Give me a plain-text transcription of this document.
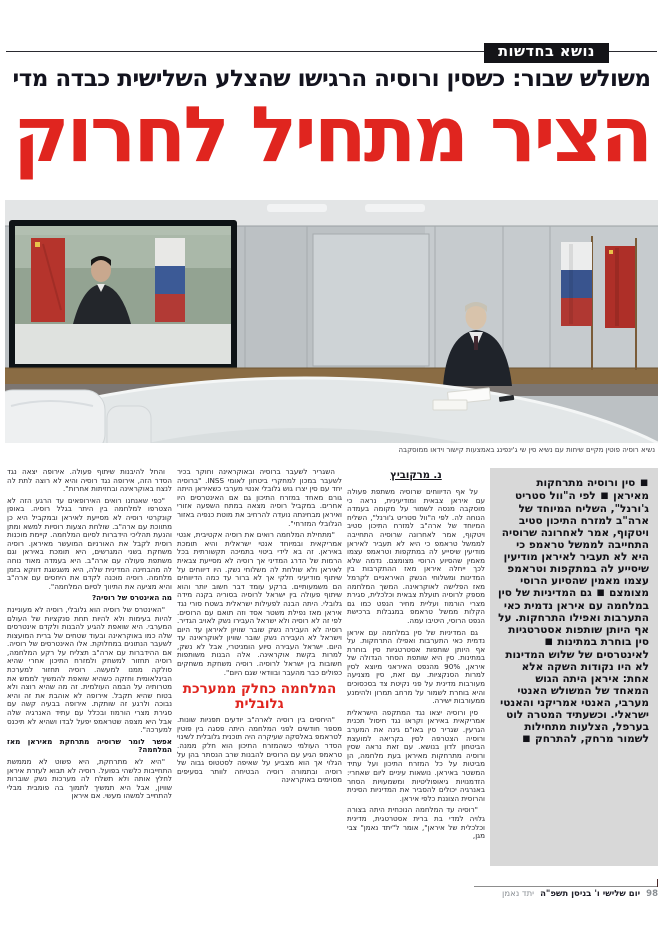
נושא בחדשות
משולש שבור: כשסין ורוסיה הרגישו שהצלע השלישית כבדה מדי
הציר מתחיל לחרוק
נשיא רוסיה פוטין מקיים שיחות עם נשיא סין שי ג'ינפינג באמצעות קישור וידאו ממוסקבה
■ סין ורוסיה מתרחקות מאיראן ■ לפי ה"וול סטריט ג'ורנל", השליח המיוחד של ארה"ב למזרח התיכון סטיב ויטקוף, אמר לאחרונה שרוסיה התחייבה לממשל טראמפ כי היא לא תעביר לאיראן מודיעין שיסייע לה במתקפות וטראמפ עצמו מאמין שהסיוע הרוסי מצומצם ■ גם המדיניות של סין במלחמה עם איראן נדמית כאי התערבות ואפילו התרחקות. על אף היותן שותפות אסטרטגיות סין בוחרת במתינות ■ לאינטרסים של שלוש המדינות לא היו נקודות השקה אלא אחת: איראן היתה הגוש המאחד של המשולש האנטי מערבי, האנטי אמריקני והאנטי ישראלי. וכשעתיד המטרה לוט בערפל, הצלעות מתחילות לשמור מרחק, להתרחק ■
נ. מרקוביץ

על אף הדיווחים שרוסיה משתפת פעולה עם איראן צבאית ומודיעינית, נראה כי מוסקבה מנסה לשמור על מקומה בעמדה הנוחה לה. לפי ה"וול סטריט ג'ורנל", השליח המיוחד של ארה"ב למזרח התיכון סטיב ויטקוף, אמר לאחרונה שרוסיה התחייבה לממשל טראמפ כי היא לא תעביר לאיראן מודיעין שיסייע לה במתקפות וטראמפ עצמו מאמין שהסיוע הרוסי מצומצם. נדמה שלא לכך ייחלה איראן מאז ההתקרבות בין המדינות ומשלוחי הנשק האיראניים לקרמל מאז הפלישה לאוקראינה. המשך המלחמה מספק לרוסיה תועלת צבאית וכלכלית, סגירת מצרי הורמוז ועליית מחיר הנפט כמו גם הקלות ממשל טראמפ במגבלות ברכישת הנפט הרוסי, היטיבו עמה.

גם המדיניות של סין במלחמה עם איראן נדמית כאי התערבות ואפילו התרחקות. על אף היותן שותפות אסטרטגיות סין בוחרת במתינות. סין היא שותפת הסחר הגדולה של איראן, 90% מהנפט האיראני מיוצא לסין למרות הסנקציות. עם זאת, סין מצניעה מעורבות מדינית על פני נקיטת צד בסכסוכים והיא בוחרת לשמור על מרחב תמרון ולהימנע ממעורבות ישירה.

סין ורוסיה יצאו נגד המתקפה הישראלית אמריקאית באיראן וקראו נגד חיסול תכנית הגרעין. שגריר סין באו"ם גינה את המערב ורוסיה הצטרפה לסין בקריאה למועצת הביטחון לדון בנושא. עם זאת נראה שסין ורוסיה מתרחקות מאיראן בעת מלחמה, הן מביטות על כל המזרח התיכון ועל עתיד המשטר באיראן. נושאות עיניים ליום שאחרי: הזדמנויות גיאופוליטיות ומשמעויות הסחר באנרגיה יכולים להסביר את המדיניות הסינית והרוסית הצוננת כלפי איראן.

"רוסיה עד המלחמה הנוכחית היתה בצורה גלויה למדי בת ברית אסטרטגית, מדינית וכלכלית של איראן", אומר ל"יתד נאמן" צבי מגן,

השגריר לשעבר ברוסיה ובאוקראינה וחוקר בכיר לשעבר במכון למחקרי ביטחון לאומי INSS. "ברוסיה יחד עם סין יצרו גוש גלובלי אנטי מערבי כשאיראן היתה גורם מאחד במזרח התיכון גם אם האינטרסים היו אחרים. במקביל רוסיה מצאה במתח השפעה אזורי ואיראן מבחינתה נועדה להרחיב את מוטת כנפיה באזור הגלובלי המזרחי".

"מתחילת המלחמה רואים את רוסיה אקטיבית, אנטי אמריקאית ובמיוחד אנטי ישראלית והיא תומכת באיראן. זה בא לידי ביטוי בתמיכה תקשורתית בכל הרמות של הדרג המדיני אך רוסיה לא מסייעת צבאית לאיראן ולא שולחת לה משלוחי נשק. היו דיווחים על שיתוף מודיעיני חלקי אך לא ברור עד כמה הדיווחים הם משמעותיים. ברקע עומד דבר חשוב יותר והוא שיתוף פעולה בין ישראל לרוסיה בסוריה בקנה מידה גלובלי. היתה הבנה לפעילות ישראלית בשטח סורי נגד איראן מאז נפילת משטר אסד וזה תואם עם הרוסים. לפי זה לא רוסיה ולא ישראל העבירו נשק לאויב הגדיר. רוסיה לא העבירה נשק שובר שוויון לאיראן עד היום וישראל לא העבירה נשק שובר שוויון לאוקראינה עד היום. ישראל העבירה סיוע הומניטרי, אבל לא נשק, למרות בקשת אוקראינה. אלה הבנות משותפות חשובות בין ישראל לרוסיה. רוסיה משחקת משחקים כפולים כבר מהעבר ובוודאי שגם היום".

המלחמה כחלק ממערכת גלובלית

"היחסים בין רוסיה לארה"ב יודעים תפניות שונות. מספר חודשים לפני המלחמה היתה פסגה בין פוטין לטראמפ באלסקה שעיקרה היה תוכנית גלובלית לשינוי הסדר העולמי כשהמזרח התיכון הוא חלק ממנה. טראמפ הגיע עם הרוסים להבנות שרב הנסתר בהן על הגלוי אך הוא מצביע על שאיפה לסטטוס גבוה של רוסיה ובתמורה רוסיה הבטיחה לוותר בסעיפים מסוימים באוקראינה

והחל להיבנות שיתוף פעולה. אירופה יצאה נגד הסדר הזה, אירופה נגד רוסיה והיא לא רוצה לתת לה לנצח באוקראינה ובחזיתות אחרות".

"כפי שאנחנו רואים האירופאים עד הרגע הזה לא הצטרפו למלחמה בין היתר בגלל רוסיה. באופן קונקרטי רוסיה לא מסייעת לאיראן ובמקביל היא כן מתווכת עם ארה"ב. שולחת הצעות רוסיות למשא ומתן והנעת תהליכי הידברות לסיום המלחמה. קיימת מוכנות רוסית לקבל את האורניום המועשר מאיראן. רוסיה משחקת בשני המגרשים, היא תומכת באיראן וגם משתפת פעולה עם ארה"ב. היא בעמדה מאוד נוחה לה מהבחינה המדינית שלה, היא משגשגת דווקא בזמן מלחמה. רוסיה מוכנה לקדם את היחסים עם ארה"ב והיא מציעה את התיווך לסיום המלחמה".

מה האינטרס של רוסיה?

"האינטרס של רוסיה הוא גלובלי, רוסיה לא מעוניינת להיות בעימות ולא להיות תחת סנקציות של העולם המערבי. היא שואפת להגיע להבנות ולקדם אינטרסים שלה כמו באוקראינה ובעוד שטחים של ברית המועצות לשעבר הנתונים במחלוקת. אלו האינטרסים של רוסיה. אם ההידברות עם ארה"ב תצליח על רקע המלחמה, רוסיה תחזור למשחק ולמזרח התיכון אחרי שהיא סולקה ממנו למעשה. רוסיה תחזור למערכת הבינלאומית וחזקה כשהיא שואפת להמשיך לממש את מטרותיה על הבמה העולמית. זה מה שהיא רוצה ולא בטוח שהיא תקבל. אירופה לא אוהבת את זה והיא נבוכה ולרגע זה שותקת. אירופה בבעיה קשה עם סגירת מצרי הורמוז ובכלל עם עתיד האנרגיה שלה אבל היא מצפה שטראמפ יפעל לבדו ושהיא לא תיכנס למערכה".

אפשר לומר שרוסיה מתרחקת מאיראן מאז המלחמה?

"היא לא מתרחקת, היא פשוט לא מממשת התחייבות כלשהי בפועל. רוסיה לא תבוא לעזרת איראן לחלץ אותה ולא תשלח לה מערכות נשק שוברות שוויון, אבל היא תמשיך לתמוך בה פומבית מבלי להתחייב למשהו מעשי. אם איראן

98
יום שלישי ו' בניסן תשפ"ה
יתד נאמן
